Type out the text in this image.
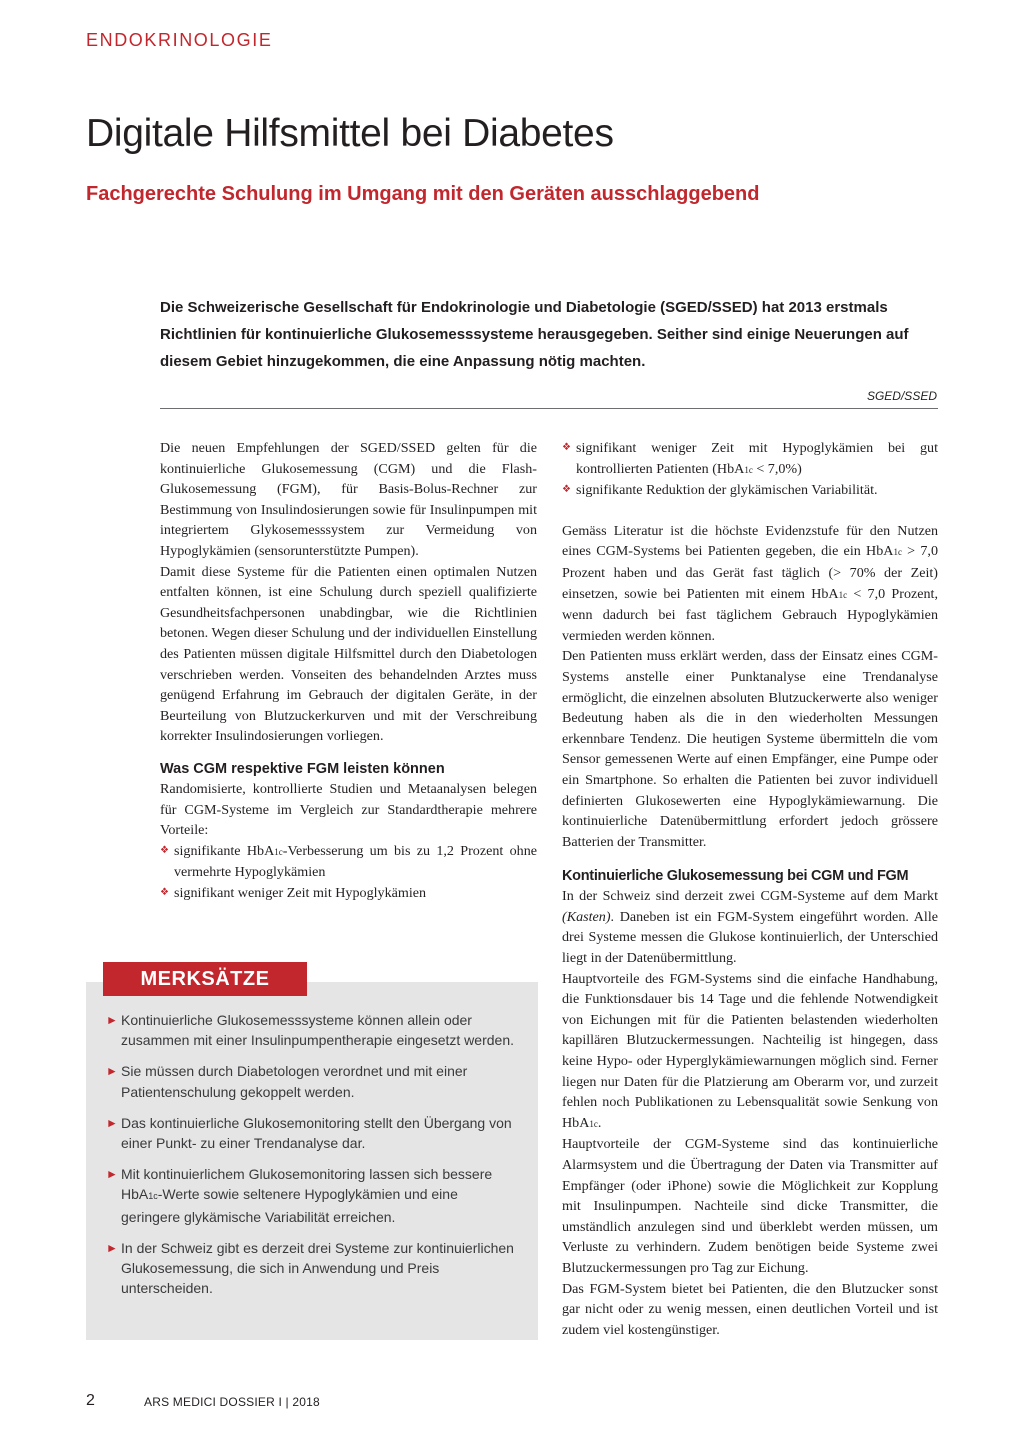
ENDOKRINOLOGIE
Digitale Hilfsmittel bei Diabetes
Fachgerechte Schulung im Umgang mit den Geräten ausschlaggebend

Die Schweizerische Gesellschaft für Endokrinologie und Diabetologie (SGED/SSED) hat 2013 erstmals Richtlinien für kontinuierliche Glukosemesssysteme herausgegeben. Seither sind einige Neuerungen auf diesem Gebiet hinzugekommen, die eine Anpassung nötig machten.

SGED/SSED

Die neuen Empfehlungen der SGED/SSED gelten für die kontinuierliche Glukosemessung (CGM) und die Flash-Glukosemessung (FGM), für Basis-Bolus-Rechner zur Bestimmung von Insulindosierungen sowie für Insulinpumpen mit integriertem Glykosemesssystem zur Vermeidung von Hypoglykämien (sensorunterstützte Pumpen).

Damit diese Systeme für die Patienten einen optimalen Nutzen entfalten können, ist eine Schulung durch speziell qualifizierte Gesundheitsfachpersonen unabdingbar, wie die Richtlinien betonen. Wegen dieser Schulung und der individuellen Einstellung des Patienten müssen digitale Hilfsmittel durch den Diabetologen verschrieben werden. Vonseiten des behandelnden Arztes muss genügend Erfahrung im Gebrauch der digitalen Geräte, in der Beurteilung von Blutzuckerkurven und mit der Verschreibung korrekter Insulindosierungen vorliegen.

Was CGM respektive FGM leisten können

Randomisierte, kontrollierte Studien und Metaanalysen belegen für CGM-Systeme im Vergleich zur Standardtherapie mehrere Vorteile:

❖ signifikante HbA1c-Verbesserung um bis zu 1,2 Prozent ohne vermehrte Hypoglykämien
❖ signifikant weniger Zeit mit Hypoglykämien
❖ signifikant weniger Zeit mit Hypoglykämien bei gut kontrollierten Patienten (HbA1c < 7,0%)
❖ signifikante Reduktion der glykämischen Variabilität.

Gemäss Literatur ist die höchste Evidenzstufe für den Nutzen eines CGM-Systems bei Patienten gegeben, die ein HbA1c > 7,0 Prozent haben und das Gerät fast täglich (> 70% der Zeit) einsetzen, sowie bei Patienten mit einem HbA1c < 7,0 Prozent, wenn dadurch bei fast täglichem Gebrauch Hypoglykämien vermieden werden können.

Den Patienten muss erklärt werden, dass der Einsatz eines CGM-Systems anstelle einer Punktanalyse eine Trendanalyse ermöglicht, die einzelnen absoluten Blutzuckerwerte also weniger Bedeutung haben als die in den wiederholten Messungen erkennbare Tendenz. Die heutigen Systeme übermitteln die vom Sensor gemessenen Werte auf einen Empfänger, eine Pumpe oder ein Smartphone. So erhalten die Patienten bei zuvor individuell definierten Glukosewerten eine Hypoglykämiewarnung. Die kontinuierliche Datenübermittlung erfordert jedoch grössere Batterien der Transmitter.

Kontinuierliche Glukosemessung bei CGM und FGM

In der Schweiz sind derzeit zwei CGM-Systeme auf dem Markt (Kasten). Daneben ist ein FGM-System eingeführt worden. Alle drei Systeme messen die Glukose kontinuierlich, der Unterschied liegt in der Datenübermittlung.

Hauptvorteile des FGM-Systems sind die einfache Handhabung, die Funktionsdauer bis 14 Tage und die fehlende Notwendigkeit von Eichungen mit für die Patienten belastenden wiederholten kapillären Blutzuckermessungen. Nachteilig ist hingegen, dass keine Hypo- oder Hyperglykämiewarnungen möglich sind. Ferner liegen nur Daten für die Platzierung am Oberarm vor, und zurzeit fehlen noch Publikationen zu Lebensqualität sowie Senkung von HbA1c.

Hauptvorteile der CGM-Systeme sind das kontinuierliche Alarmsystem und die Übertragung der Daten via Transmitter auf Empfänger (oder iPhone) sowie die Möglichkeit zur Kopplung mit Insulinpumpen. Nachteile sind dicke Transmitter, die umständlich anzulegen sind und überklebt werden müssen, um Verluste zu verhindern. Zudem benötigen beide Systeme zwei Blutzuckermessungen pro Tag zur Eichung.

Das FGM-System bietet bei Patienten, die den Blutzucker sonst gar nicht oder zu wenig messen, einen deutlichen Vorteil und ist zudem viel kostengünstiger.

► Kontinuierliche Glukosemesssysteme können allein oder zusammen mit einer Insulinpumpentherapie eingesetzt werden.
► Sie müssen durch Diabetologen verordnet und mit einer Patientenschulung gekoppelt werden.
► Das kontinuierliche Glukosemonitoring stellt den Übergang von einer Punkt- zu einer Trendanalyse dar.
► Mit kontinuierlichem Glukosemonitoring lassen sich bessere HbA1c-Werte sowie seltenere Hypoglykämien und eine geringere glykämische Variabilität erreichen.
► In der Schweiz gibt es derzeit drei Systeme zur kontinuierlichen Glukosemessung, die sich in Anwendung und Preis unterscheiden.
MERKSÄTZE
2	ARS MEDICI DOSSIER I | 2018
